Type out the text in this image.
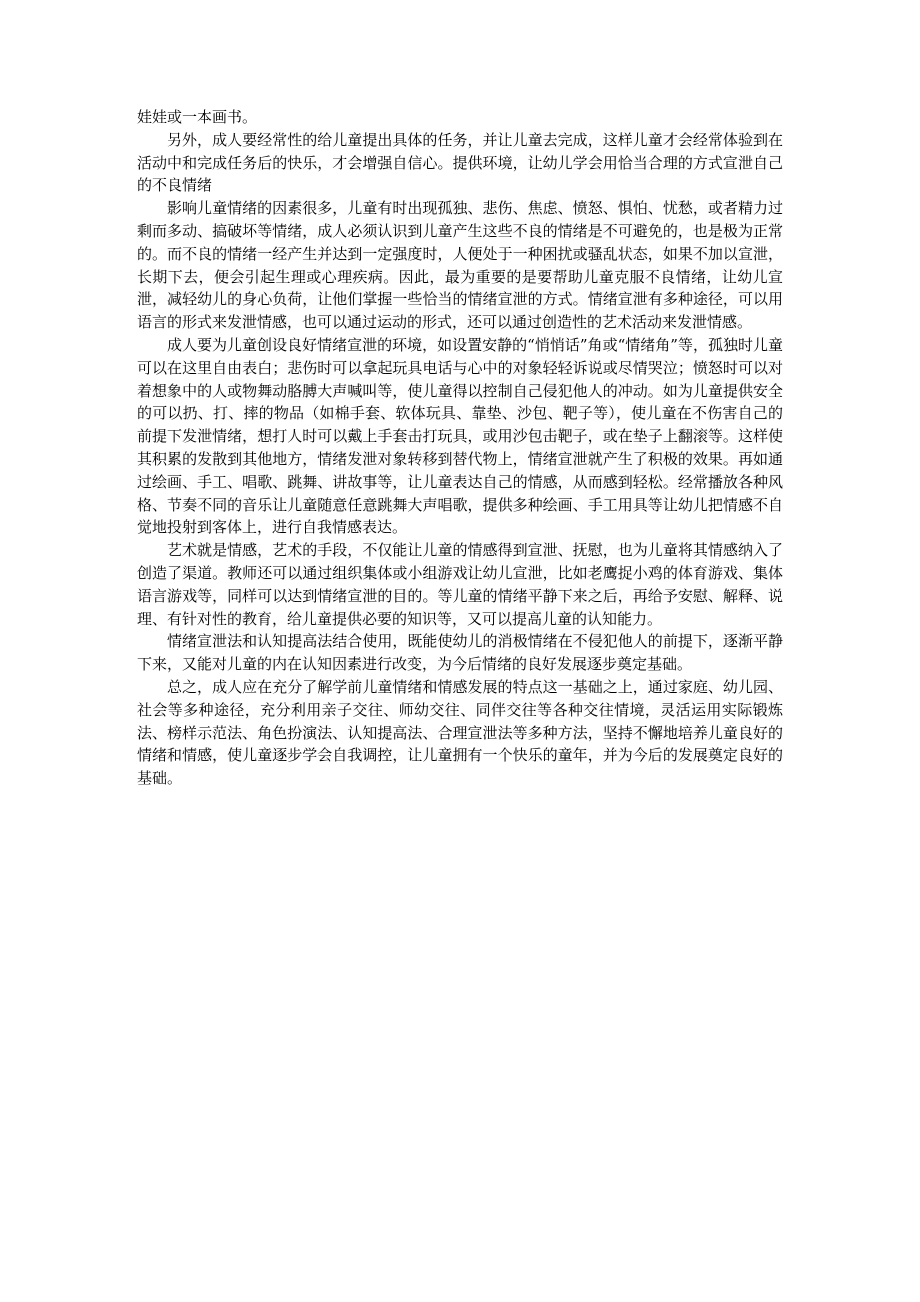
娃娃或一本画书。

另外，成人要经常性的给儿童提出具体的任务，并让儿童去完成，这样儿童才会经常体验到在活动中和完成任务后的快乐，才会增强自信心。提供环境，让幼儿学会用恰当合理的方式宣泄自己的不良情绪

影响儿童情绪的因素很多，儿童有时出现孤独、悲伤、焦虑、愤怒、惧怕、忧愁，或者精力过剩而多动、搞破坏等情绪，成人必须认识到儿童产生这些不良的情绪是不可避免的，也是极为正常的。而不良的情绪一经产生并达到一定强度时，人便处于一种困扰或骚乱状态，如果不加以宣泄，长期下去，便会引起生理或心理疾病。因此，最为重要的是要帮助儿童克服不良情绪，让幼儿宣泄，减轻幼儿的身心负荷，让他们掌握一些恰当的情绪宣泄的方式。情绪宣泄有多种途径，可以用语言的形式来发泄情感，也可以通过运动的形式，还可以通过创造性的艺术活动来发泄情感。

成人要为儿童创设良好情绪宣泄的环境，如设置安静的“悄悄话”角或“情绪角”等，孤独时儿童可以在这里自由表白；悲伤时可以拿起玩具电话与心中的对象轻轻诉说或尽情哭泣；愤怒时可以对着想象中的人或物舞动胳膊大声喊叫等，使儿童得以控制自己侵犯他人的冲动。如为儿童提供安全的可以扔、打、摔的物品（如棉手套、软体玩具、靠垫、沙包、靶子等），使儿童在不伤害自己的前提下发泄情绪，想打人时可以戴上手套击打玩具，或用沙包击靶子，或在垫子上翻滚等。这样使其积累的发散到其他地方，情绪发泄对象转移到替代物上，情绪宣泄就产生了积极的效果。再如通过绘画、手工、唱歌、跳舞、讲故事等，让儿童表达自己的情感，从而感到轻松。经常播放各种风格、节奏不同的音乐让儿童随意任意跳舞大声唱歌，提供多种绘画、手工用具等让幼儿把情感不自觉地投射到客体上，进行自我情感表达。

艺术就是情感，艺术的手段，不仅能让儿童的情感得到宣泄、抚慰，也为儿童将其情感纳入了创造了渠道。教师还可以通过组织集体或小组游戏让幼儿宣泄，比如老鹰捉小鸡的体育游戏、集体语言游戏等，同样可以达到情绪宣泄的目的。等儿童的情绪平静下来之后，再给予安慰、解释、说理、有针对性的教育，给儿童提供必要的知识等，又可以提高儿童的认知能力。

情绪宣泄法和认知提高法结合使用，既能使幼儿的消极情绪在不侵犯他人的前提下，逐渐平静下来，又能对儿童的内在认知因素进行改变，为今后情绪的良好发展逐步奠定基础。

总之，成人应在充分了解学前儿童情绪和情感发展的特点这一基础之上，通过家庭、幼儿园、社会等多种途径，充分利用亲子交往、师幼交往、同伴交往等各种交往情境，灵活运用实际锻炼法、榜样示范法、角色扮演法、认知提高法、合理宣泄法等多种方法，坚持不懈地培养儿童良好的情绪和情感，使儿童逐步学会自我调控，让儿童拥有一个快乐的童年，并为今后的发展奠定良好的基础。
